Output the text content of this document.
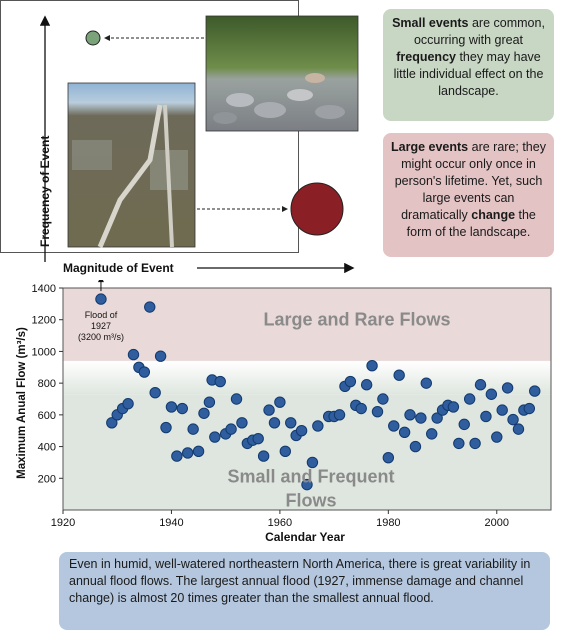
Frequency of Event
Magnitude of Event
Small events are common, occurring with great frequency they may have little individual effect on the landscape.
Large events are rare; they might occur only once in person's lifetime. Yet, such large events can dramatically change the form of the landscape.
200
400
600
800
1000
1200
1400
1920	1940	1960	1980	2000
Calendar Year
Maximum Anual Flow (m³/s)
Large and Rare Flows
Small and Frequent
Flows
Flood of
1927
(3200 m³/s)
Even in humid, well-watered northeastern North America, there is great variability in annual flood flows. The largest annual flood (1927, immense damage and channel change) is almost 20 times greater than the smallest annual flood.
